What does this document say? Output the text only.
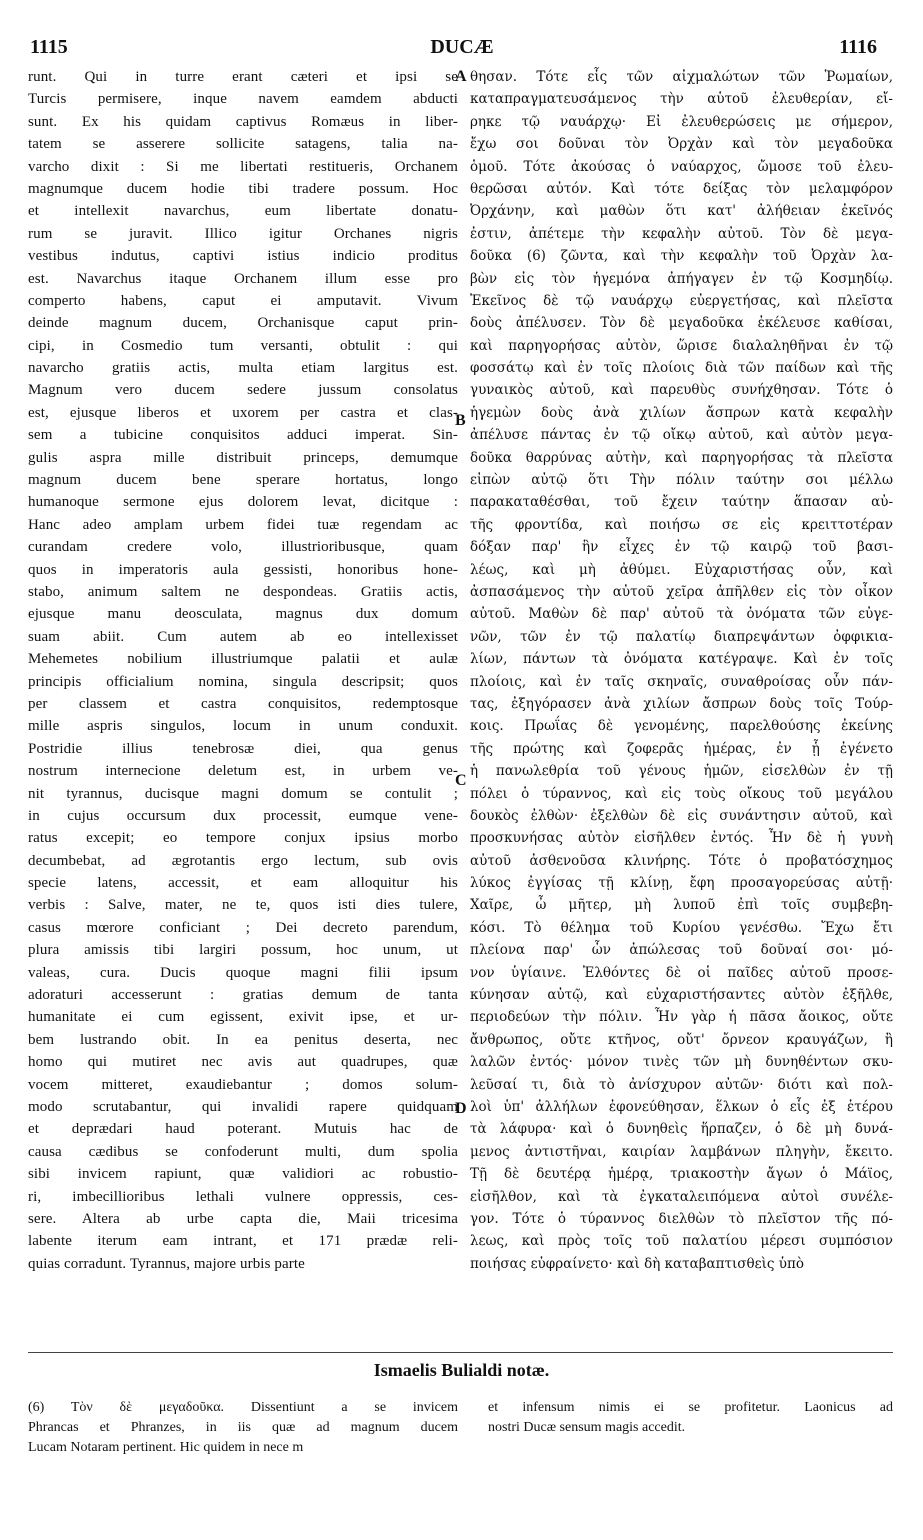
1115	DUCÆ	1116
runt. Qui in turre erant cæteri et ipsi se
Turcis permisere, inque navem eamdem abducti
sunt. Ex his quidam captivus Romæus in liber-
tatem se asserere sollicite satagens, talia na-
varcho dixit : Si me libertati restitueris, Orchanem
magnumque ducem hodie tibi tradere possum. Hoc
et intellexit navarchus, eum libertate donatu-
rum se juravit. Illico igitur Orchanes nigris
vestibus indutus, captivi istius indicio proditus
est. Navarchus itaque Orchanem illum esse pro
comperto habens, caput ei amputavit. Vivum
deinde magnum ducem, Orchanisque caput prin-
cipi, in Cosmedio tum versanti, obtulit : qui
navarcho gratiis actis, multa etiam largitus est.
Magnum vero ducem sedere jussum consolatus
est, ejusque liberos et uxorem per castra et clas-
sem a tubicine conquisitos adduci imperat. Sin-
gulis aspra mille distribuit princeps, demumque
magnum ducem bene sperare hortatus, longo
humanoque sermone ejus dolorem levat, dicitque :
Hanc adeo amplam urbem fidei tuæ regendam ac
curandam credere volo, illustrioribusque, quam
quos in imperatoris aula gessisti, honoribus hone-
stabo, animum saltem ne despondeas. Gratiis actis,
ejusque manu deosculata, magnus dux domum
suam abiit. Cum autem ab eo intellexisset
Mehemetes nobilium illustriumque palatii et aulæ
principis officialium nomina, singula descripsit; quos
per classem et castra conquisitos, redemptosque
mille aspris singulos, locum in unum conduxit.
Postridie illius tenebrosæ diei, qua genus
nostrum internecione deletum est, in urbem ve-
nit tyrannus, ducisque magni domum se contulit ;
in cujus occursum dux processit, eumque vene-
ratus excepit; eo tempore conjux ipsius morbo
decumbebat, ad ægrotantis ergo lectum, sub ovis
specie latens, accessit, et eam alloquitur his
verbis : Salve, mater, ne te, quos isti dies tulere,
casus mœrore conficiant ; Dei decreto parendum,
plura amissis tibi largiri possum, hoc unum, ut
valeas, cura. Ducis quoque magni filii ipsum
adoraturi accesserunt : gratias demum de tanta
humanitate ei cum egissent, exivit ipse, et ur-
bem lustrando obit. In ea penitus deserta, nec
homo qui mutiret nec avis aut quadrupes, quæ
vocem mitteret, exaudiebantur ; domos solum-
modo scrutabantur, qui invalidi rapere quidquam
et deprædari haud poterant. Mutuis hac de
causa cædibus se confoderunt multi, dum spolia
sibi invicem rapiunt, quæ validiori ac robustio-
ri, imbecillioribus lethali vulnere oppressis, ces-
sere. Altera ab urbe capta die, Maii tricesima
labente iterum eam intrant, et 171 prædæ reli-
quias corradunt. Tyrannus, majore urbis parte
θησαν. Τότε εἷς τῶν αἰχμαλώτων τῶν Ῥωμαίων,
καταπραγματευσάμενος τὴν αὑτοῦ ἐλευθερίαν, εἴ-
ρηκε τῷ ναυάρχῳ· Εἰ ἐλευθερώσεις με σήμερον,
ἔχω σοι δοῦναι τὸν Ὀρχὰν καὶ τὸν μεγαδοῦκα
ὁμοῦ. Τότε ἀκούσας ὁ ναύαρχος, ὤμοσε τοῦ ἐλευ-
θερῶσαι αὐτόν. Καὶ τότε δείξας τὸν μελαμφόρον
Ὀρχάνην, καὶ μαθὼν ὅτι κατ' ἀλήθειαν ἐκεῖνός
ἐστιν, ἀπέτεμε τὴν κεφαλὴν αὐτοῦ. Τὸν δὲ μεγα-
δοῦκα (6) ζῶντα, καὶ τὴν κεφαλὴν τοῦ Ὀρχὰν λα-
βὼν εἰς τὸν ἡγεμόνα ἀπήγαγεν ἐν τῷ Κοσμηδίῳ.
Ἐκεῖνος δὲ τῷ ναυάρχῳ εὐεργετήσας, καὶ πλεῖστα
δοὺς ἀπέλυσεν. Τὸν δὲ μεγαδοῦκα ἐκέλευσε καθίσαι,
καὶ παρηγορήσας αὐτὸν, ὥρισε διαλαληθῆναι ἐν τῷ
φοσσάτῳ καὶ ἐν τοῖς πλοίοις διὰ τῶν παίδων καὶ τῆς
γυναικὸς αὐτοῦ, καὶ παρευθὺς συνήχθησαν. Τότε ὁ
ἡγεμὼν δοὺς ἀνὰ χιλίων ἄσπρων κατὰ κεφαλὴν
ἀπέλυσε πάντας ἐν τῷ οἴκῳ αὐτοῦ, καὶ αὐτὸν μεγα-
δοῦκα θαρρύνας αὐτὴν, καὶ παρηγορήσας τὰ πλεῖστα
εἰπὼν αὐτῷ ὅτι Τὴν πόλιν ταύτην σοι μέλλω
παρακαταθέσθαι, τοῦ ἔχειν ταύτην ἅπασαν αὐ-
τῆς φροντίδα, καὶ ποιήσω σε εἰς κρειττοτέραν
δόξαν παρ' ἣν εἶχες ἐν τῷ καιρῷ τοῦ βασι-
λέως, καὶ μὴ ἀθύμει. Εὐχαριστήσας οὖν, καὶ
ἀσπασάμενος τὴν αὐτοῦ χεῖρα ἀπῆλθεν εἰς τὸν οἶκον
αὐτοῦ. Μαθὼν δὲ παρ' αὐτοῦ τὰ ὀνόματα τῶν εὐγε-
νῶν, τῶν ἐν τῷ παλατίῳ διαπρεψάντων ὀφφικια-
λίων, πάντων τὰ ὀνόματα κατέγραψε. Καὶ ἐν τοῖς
πλοίοις, καὶ ἐν ταῖς σκηναῖς, συναθροίσας οὖν πάν-
τας, ἐξηγόρασεν ἀνὰ χιλίων ἄσπρων δοὺς τοῖς Τούρ-
κοις. Πρωΐας δὲ γενομένης, παρελθούσης ἐκείνης
τῆς πρώτης καὶ ζοφερᾶς ἡμέρας, ἐν ᾗ ἐγένετο
ἡ πανωλεθρία τοῦ γένους ἡμῶν, εἰσελθὼν ἐν τῇ
πόλει ὁ τύραννος, καὶ εἰς τοὺς οἴκους τοῦ μεγάλου
δουκὸς ἐλθὼν· ἐξελθὼν δὲ εἰς συνάντησιν αὐτοῦ, καὶ
προσκυνήσας αὐτὸν εἰσῆλθεν ἐντός. Ἦν δὲ ἡ γυνὴ
αὐτοῦ ἀσθενοῦσα κλινήρης. Τότε ὁ προβατόσχημος
λύκος ἐγγίσας τῇ κλίνῃ, ἔφη προσαγορεύσας αὐτῇ·
Χαῖρε, ὦ μῆτερ, μὴ λυποῦ ἐπὶ τοῖς συμβεβη-
κόσι. Τὸ θέλημα τοῦ Κυρίου γενέσθω. Ἔχω ἔτι
πλείονα παρ' ὧν ἀπώλεσας τοῦ δοῦναί σοι· μό-
νον ὑγίαινε. Ἐλθόντες δὲ οἱ παῖδες αὐτοῦ προσε-
κύνησαν αὐτῷ, καὶ εὐχαριστήσαντες αὐτὸν ἐξῆλθε,
περιοδεύων τὴν πόλιν. Ἦν γὰρ ἡ πᾶσα ἄοικος, οὔτε
ἄνθρωπος, οὔτε κτῆνος, οὔτ' ὄρνεον κραυγάζων, ἢ
λαλῶν ἐντός· μόνον τινὲς τῶν μὴ δυνηθέντων σκυ-
λεῦσαί τι, διὰ τὸ ἀνίσχυρον αὐτῶν· διότι καὶ πολ-
λοὶ ὑπ' ἀλλήλων ἐφονεύθησαν, ἕλκων ὁ εἷς ἐξ ἑτέρου
τὰ λάφυρα· καὶ ὁ δυνηθεὶς ἥρπαζεν, ὁ δὲ μὴ δυνά-
μενος ἀντιστῆναι, καιρίαν λαμβάνων πληγὴν, ἔκειτο.
Τῇ δὲ δευτέρᾳ ἡμέρᾳ, τριακοστὴν ἄγων ὁ Μάϊος,
εἰσῆλθον, καὶ τὰ ἐγκαταλειπόμενα αὐτοὶ συνέλε-
γον. Τότε ὁ τύραννος διελθὼν τὸ πλεῖστον τῆς πό-
λεως, καὶ πρὸς τοῖς τοῦ παλατίου μέρεσι συμπόσιον
ποιήσας εὐφραίνετο· καὶ δὴ καταβαπτισθεὶς ὑπὸ
A
B
C
D
Ismaelis Bulialdi notæ.
(6) Τὸν δὲ μεγαδοῦκα. Dissentiunt a se invicem
Phrancas et Phranzes, in iis quæ ad magnum ducem
Lucam Notaram pertinent. Hic quidem in nece m
et infensum nimis ei se profitetur. Laonicus ad
nostri Ducæ sensum magis accedit.
